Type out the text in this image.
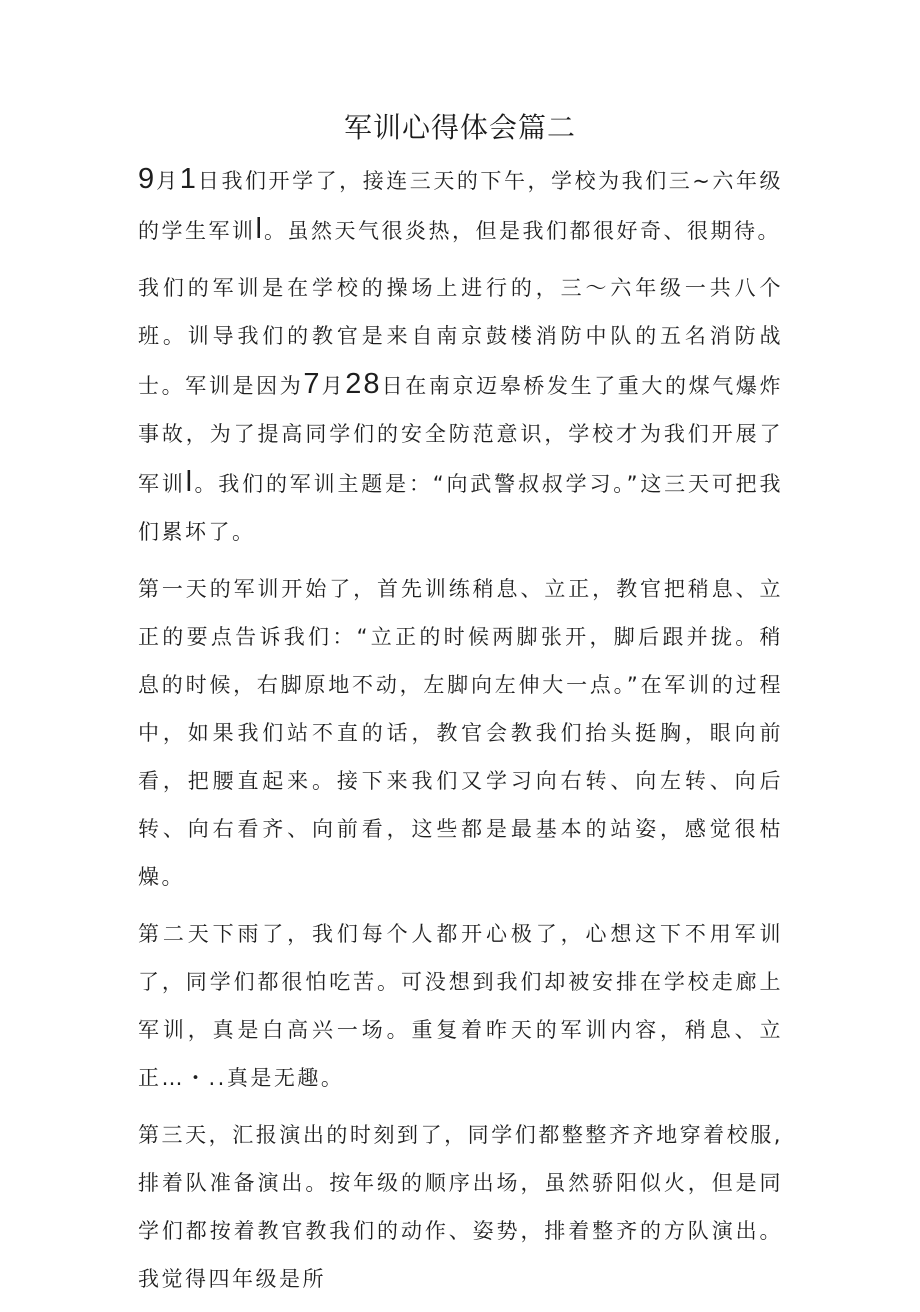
军训心得体会篇二

9月1日我们开学了，接连三天的下午，学校为我们三~六年级的学生军训l。虽然天气很炎热，但是我们都很好奇、很期待。

我们的军训是在学校的操场上进行的，三～六年级一共八个班。训导我们的教官是来自南京鼓楼消防中队的五名消防战士。军训是因为7月28日在南京迈皋桥发生了重大的煤气爆炸事故，为了提高同学们的安全防范意识，学校才为我们开展了军训l。我们的军训主题是：“向武警叔叔学习。”这三天可把我们累坏了。

第一天的军训开始了，首先训练稍息、立正，教官把稍息、立正的要点告诉我们：“立正的时候两脚张开，脚后跟并拢。稍息的时候，右脚原地不动，左脚向左伸大一点。”在军训的过程中，如果我们站不直的话，教官会教我们抬头挺胸，眼向前看，把腰直起来。接下来我们又学习向右转、向左转、向后转、向右看齐、向前看，这些都是最基本的站姿，感觉很枯燥。

第二天下雨了，我们每个人都开心极了，心想这下不用军训了，同学们都很怕吃苦。可没想到我们却被安排在学校走廊上军训，真是白高兴一场。重复着昨天的军训内容，稍息、立正…・..真是无趣。

第三天，汇报演出的时刻到了，同学们都整整齐齐地穿着校服,排着队准备演出。按年级的顺序出场，虽然骄阳似火，但是同学们都按着教官教我们的动作、姿势，排着整齐的方队演出。我觉得四年级是所
